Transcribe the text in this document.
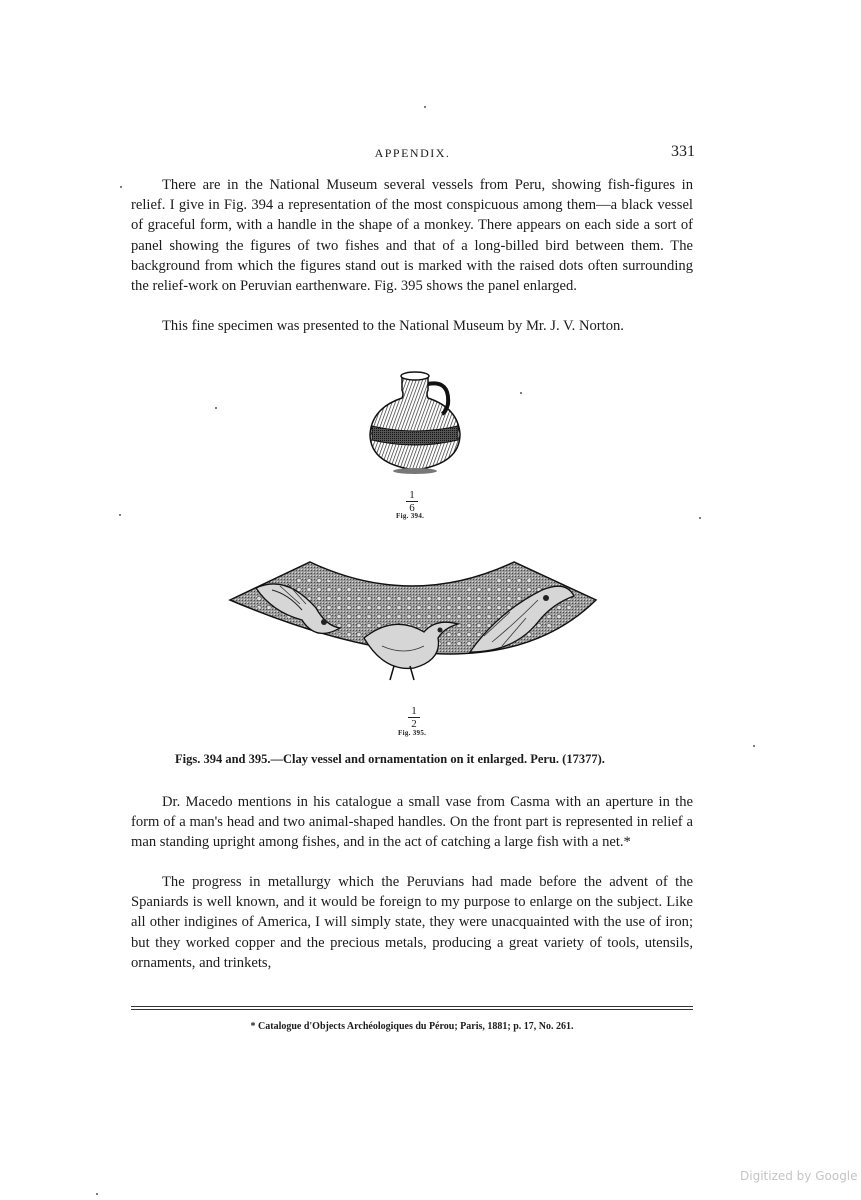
APPENDIX.	331

There are in the National Museum several vessels from Peru, showing fish-figures in relief. I give in Fig. 394 a representation of the most conspicuous among them—a black vessel of graceful form, with a handle in the shape of a monkey. There appears on each side a sort of panel showing the figures of two fishes and that of a long-billed bird between them. The background from which the figures stand out is marked with the raised dots often surrounding the relief-work on Peruvian earthenware. Fig. 395 shows the panel enlarged.

This fine specimen was presented to the National Museum by Mr. J. V. Norton.

1
6
Fig. 394.
1
2
Fig. 395.
Figs. 394 and 395.—Clay vessel and ornamentation on it enlarged. Peru. (17377).

Dr. Macedo mentions in his catalogue a small vase from Casma with an aperture in the form of a man's head and two animal-shaped handles. On the front part is represented in relief a man standing upright among fishes, and in the act of catching a large fish with a net.*

The progress in metallurgy which the Peruvians had made before the advent of the Spaniards is well known, and it would be foreign to my purpose to enlarge on the subject. Like all other indigines of America, I will simply state, they were unacquainted with the use of iron; but they worked copper and the precious metals, producing a great variety of tools, utensils, ornaments, and trinkets,

* Catalogue d'Objects Archéologiques du Pérou; Paris, 1881; p. 17, No. 261.
Digitized by Google
